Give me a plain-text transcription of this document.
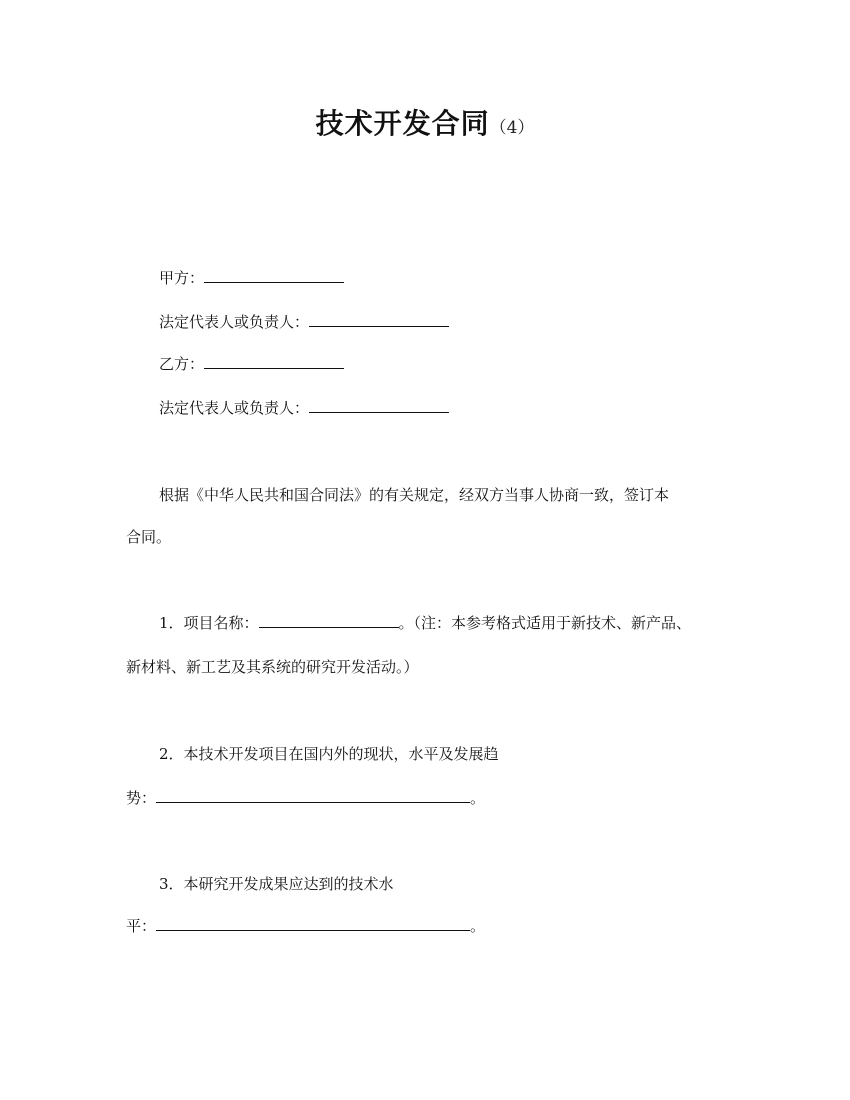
技术开发合同（4）
甲方：
法定代表人或负责人：
乙方：
法定代表人或负责人：
根据《中华人民共和国合同法》的有关规定，经双方当事人协商一致，签订本
合同。
1．项目名称：	。（注：本参考格式适用于新技术、新产品、
新材料、新工艺及其系统的研究开发活动。）
2．本技术开发项目在国内外的现状，水平及发展趋
势：	。
3．本研究开发成果应达到的技术水
平：	。
